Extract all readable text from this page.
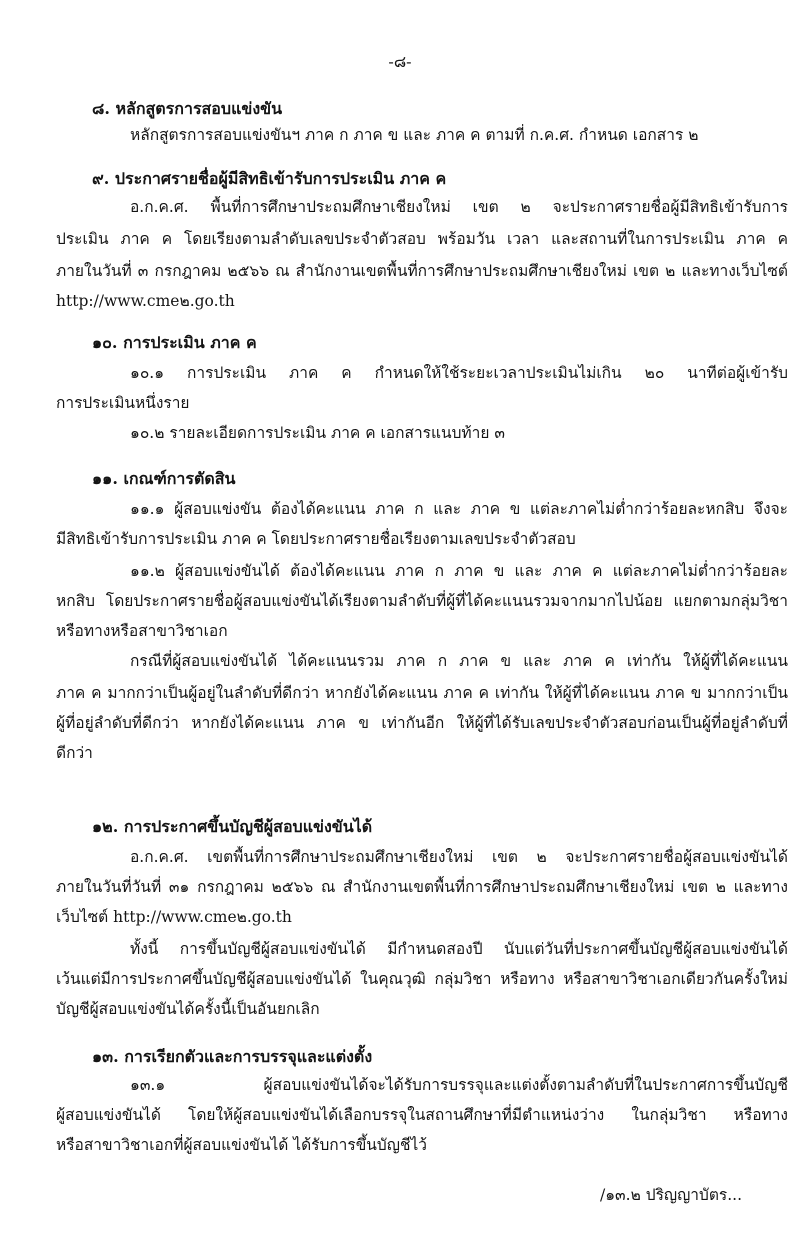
-๘-
๘. หลักสูตรการสอบแข่งขัน
หลักสูตรการสอบแข่งขันฯ ภาค ก ภาค ข และ ภาค ค ตามที่ ก.ค.ศ. กำหนด เอกสาร ๒
๙. ประกาศรายชื่อผู้มีสิทธิเข้ารับการประเมิน ภาค ค
อ.ก.ค.ศ. พื้นที่การศึกษาประถมศึกษาเชียงใหม่ เขต ๒ จะประกาศรายชื่อผู้มีสิทธิเข้ารับการ
ประเมิน ภาค ค โดยเรียงตามลำดับเลขประจำตัวสอบ พร้อมวัน เวลา และสถานที่ในการประเมิน ภาค ค
ภายในวันที่ ๓ กรกฎาคม ๒๕๖๖ ณ สำนักงานเขตพื้นที่การศึกษาประถมศึกษาเชียงใหม่ เขต ๒ และทางเว็บไซต์
http://www.cme๒.go.th
๑๐. การประเมิน ภาค ค
๑๐.๑ การประเมิน ภาค ค กำหนดให้ใช้ระยะเวลาประเมินไม่เกิน ๒๐ นาทีต่อผู้เข้ารับ
การประเมินหนึ่งราย
๑๐.๒ รายละเอียดการประเมิน ภาค ค เอกสารแนบท้าย ๓
๑๑. เกณฑ์การตัดสิน
๑๑.๑ ผู้สอบแข่งขัน ต้องได้คะแนน ภาค ก และ ภาค ข แต่ละภาคไม่ต่ำกว่าร้อยละหกสิบ จึงจะ
มีสิทธิเข้ารับการประเมิน ภาค ค โดยประกาศรายชื่อเรียงตามเลขประจำตัวสอบ
๑๑.๒ ผู้สอบแข่งขันได้ ต้องได้คะแนน ภาค ก ภาค ข และ ภาค ค แต่ละภาคไม่ต่ำกว่าร้อยละ
หกสิบ โดยประกาศรายชื่อผู้สอบแข่งขันได้เรียงตามลำดับที่ผู้ที่ได้คะแนนรวมจากมากไปน้อย แยกตามกลุ่มวิชา
หรือทางหรือสาขาวิชาเอก
กรณีที่ผู้สอบแข่งขันได้ ได้คะแนนรวม ภาค ก ภาค ข และ ภาค ค เท่ากัน ให้ผู้ที่ได้คะแนน
ภาค ค มากกว่าเป็นผู้อยู่ในลำดับที่ดีกว่า หากยังได้คะแนน ภาค ค เท่ากัน ให้ผู้ที่ได้คะแนน ภาค ข มากกว่าเป็น
ผู้ที่อยู่ลำดับที่ดีกว่า หากยังได้คะแนน ภาค ข เท่ากันอีก ให้ผู้ที่ได้รับเลขประจำตัวสอบก่อนเป็นผู้ที่อยู่ลำดับที่
ดีกว่า
๑๒. การประกาศขึ้นบัญชีผู้สอบแข่งขันได้
อ.ก.ค.ศ. เขตพื้นที่การศึกษาประถมศึกษาเชียงใหม่ เขต ๒ จะประกาศรายชื่อผู้สอบแข่งขันได้
ภายในวันที่วันที่ ๓๑ กรกฎาคม ๒๕๖๖ ณ สำนักงานเขตพื้นที่การศึกษาประถมศึกษาเชียงใหม่ เขต ๒ และทาง
เว็บไซต์ http://www.cme๒.go.th
ทั้งนี้ การขึ้นบัญชีผู้สอบแข่งขันได้ มีกำหนดสองปี นับแต่วันที่ประกาศขึ้นบัญชีผู้สอบแข่งขันได้
เว้นแต่มีการประกาศขึ้นบัญชีผู้สอบแข่งขันได้ ในคุณวุฒิ กลุ่มวิชา หรือทาง หรือสาขาวิชาเอกเดียวกันครั้งใหม่
บัญชีผู้สอบแข่งขันได้ครั้งนี้เป็นอันยกเลิก
๑๓. การเรียกตัวและการบรรจุและแต่งตั้ง
๑๓.๑ ผู้สอบแข่งขันได้จะได้รับการบรรจุและแต่งตั้งตามลำดับที่ในประกาศการขึ้นบัญชี
ผู้สอบแข่งขันได้ โดยให้ผู้สอบแข่งขันได้เลือกบรรจุในสถานศึกษาที่มีตำแหน่งว่าง ในกลุ่มวิชา หรือทาง
หรือสาขาวิชาเอกที่ผู้สอบแข่งขันได้ ได้รับการขึ้นบัญชีไว้
/๑๓.๒ ปริญญาบัตร...
